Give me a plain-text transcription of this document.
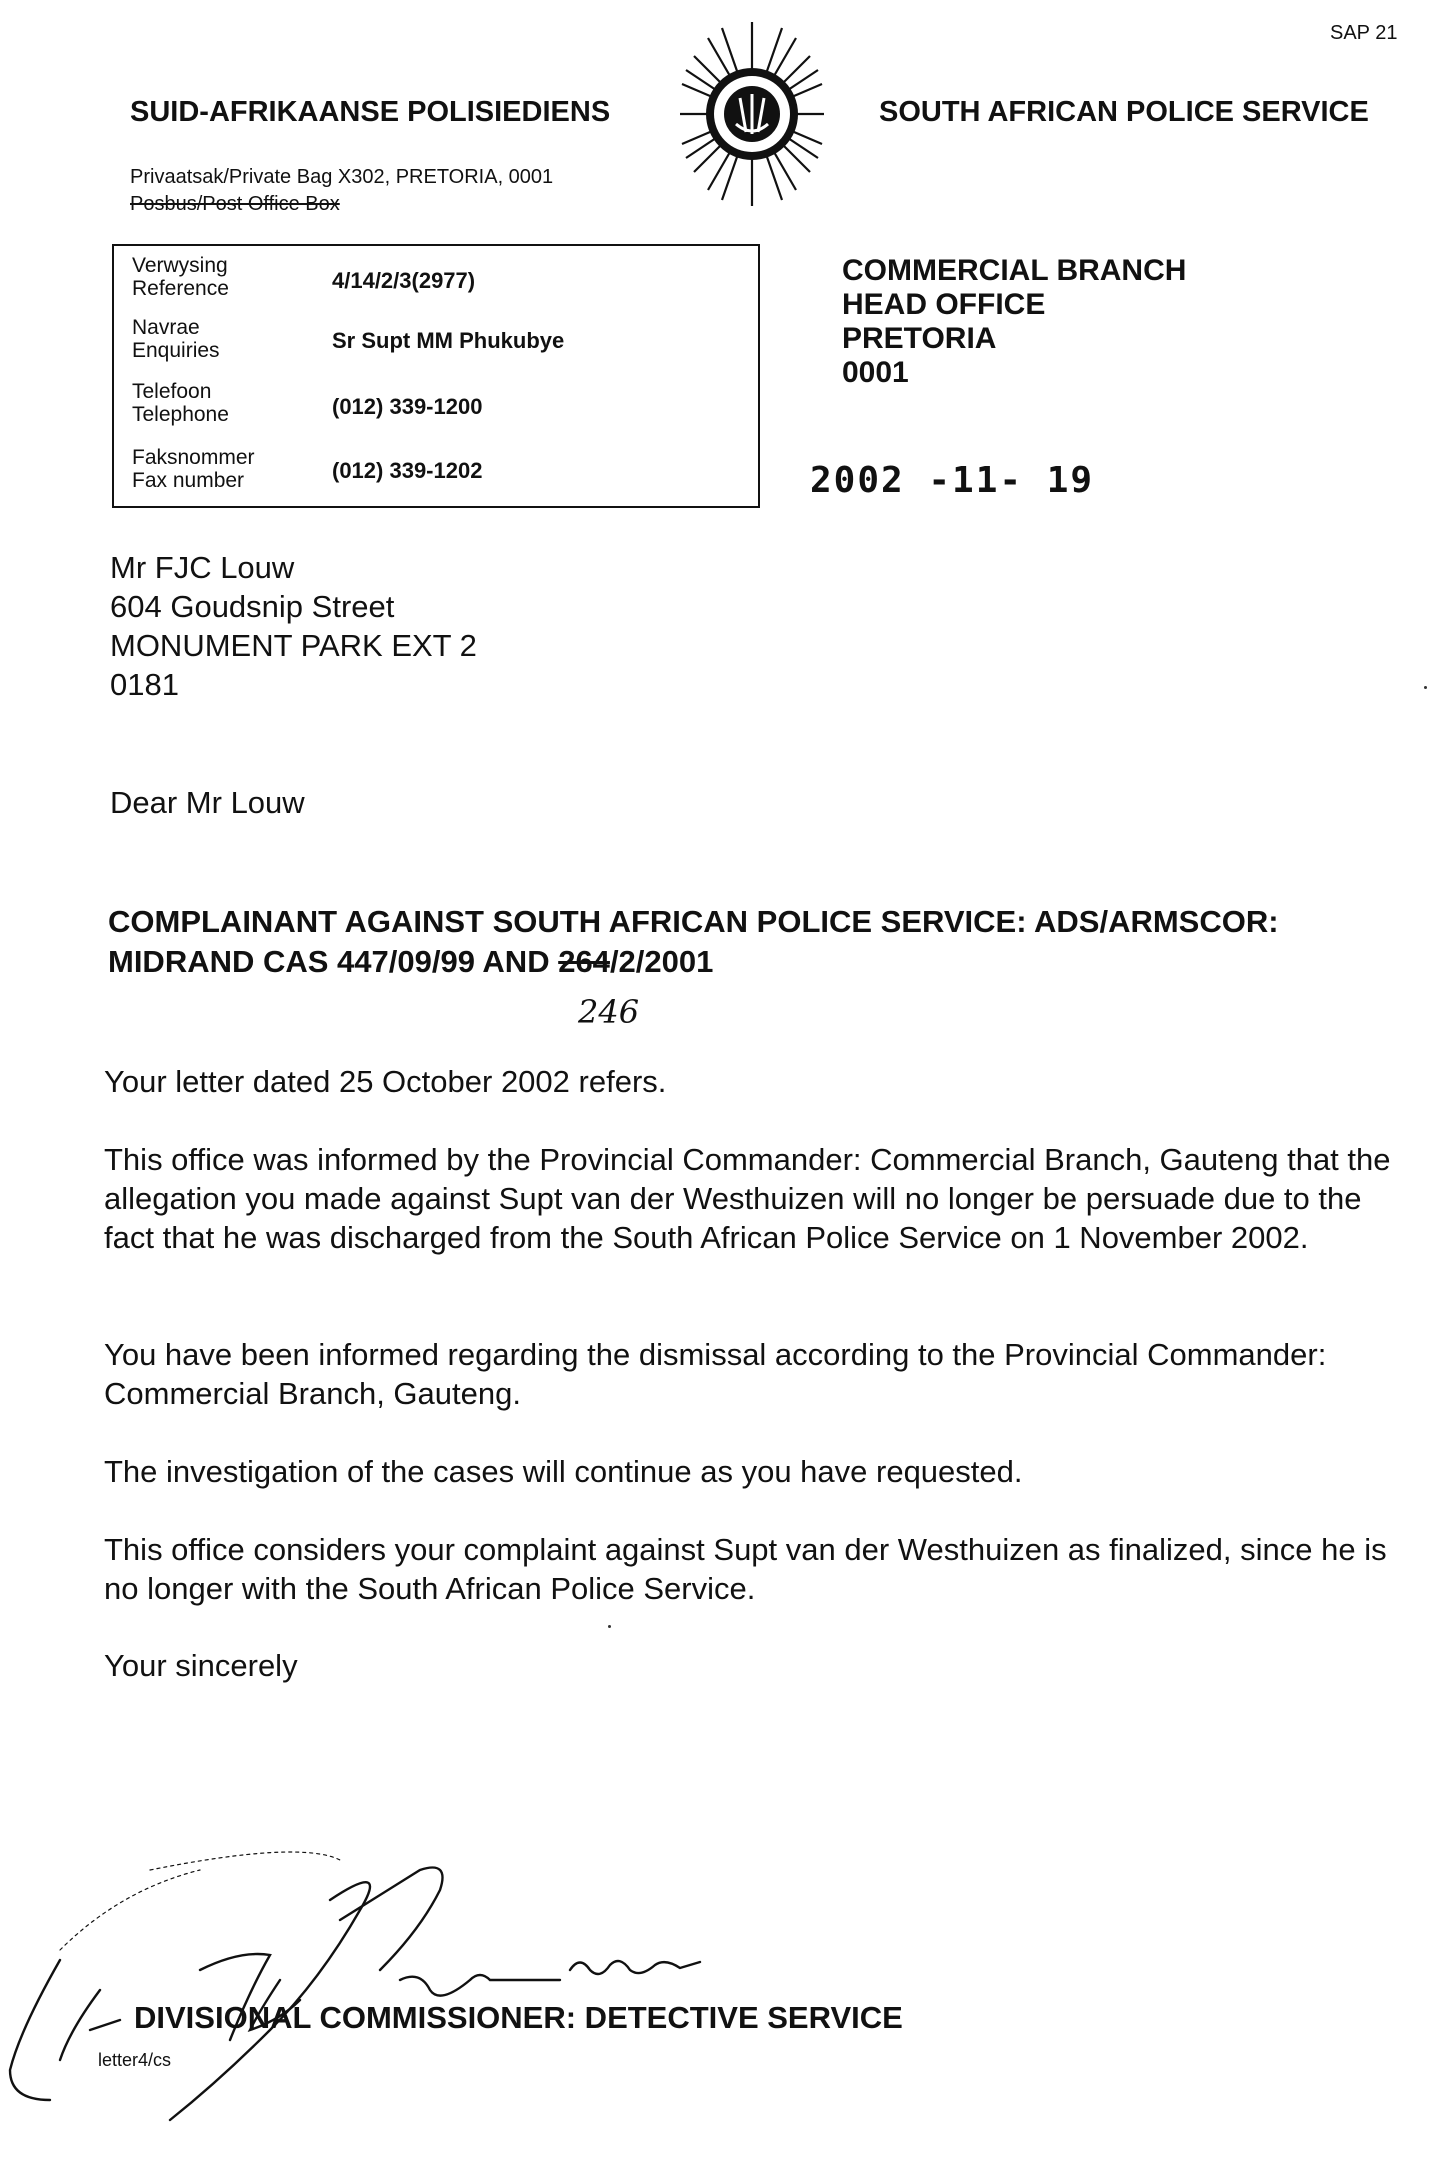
SAP 21
SUID-AFRIKAANSE POLISIEDIENS	SOUTH AFRICAN POLICE SERVICE
Privaatsak/Private Bag X302, PRETORIA, 0001
Posbus/Post Office Box
Verwysing
Reference	4/14/2/3(2977)
Navrae
Enquiries	Sr Supt MM Phukubye
Telefoon
Telephone	(012) 339-1200
Faksnommer
Fax number	(012) 339-1202
COMMERCIAL BRANCH
HEAD OFFICE
PRETORIA
0001
2002 -11- 19
Mr FJC Louw
604 Goudsnip Street
MONUMENT PARK EXT 2
0181
Dear Mr Louw
COMPLAINANT AGAINST SOUTH AFRICAN POLICE SERVICE: ADS/ARMSCOR:
MIDRAND CAS 447/09/99 AND 264/2/2001
246
Your letter dated 25 October 2002 refers.
This office was informed by the Provincial Commander: Commercial Branch, Gauteng that the allegation you made against Supt van der Westhuizen will no longer be persuade due to the fact that he was discharged from the South African Police Service on 1 November 2002.
You have been informed regarding the dismissal according to the Provincial Commander: Commercial Branch, Gauteng.
The investigation of the cases will continue as you have requested.
This office considers your complaint against Supt van der Westhuizen as finalized, since he is no longer with the South African Police Service.
Your sincerely
DIVISIONAL COMMISSIONER: DETECTIVE SERVICE
letter4/cs
